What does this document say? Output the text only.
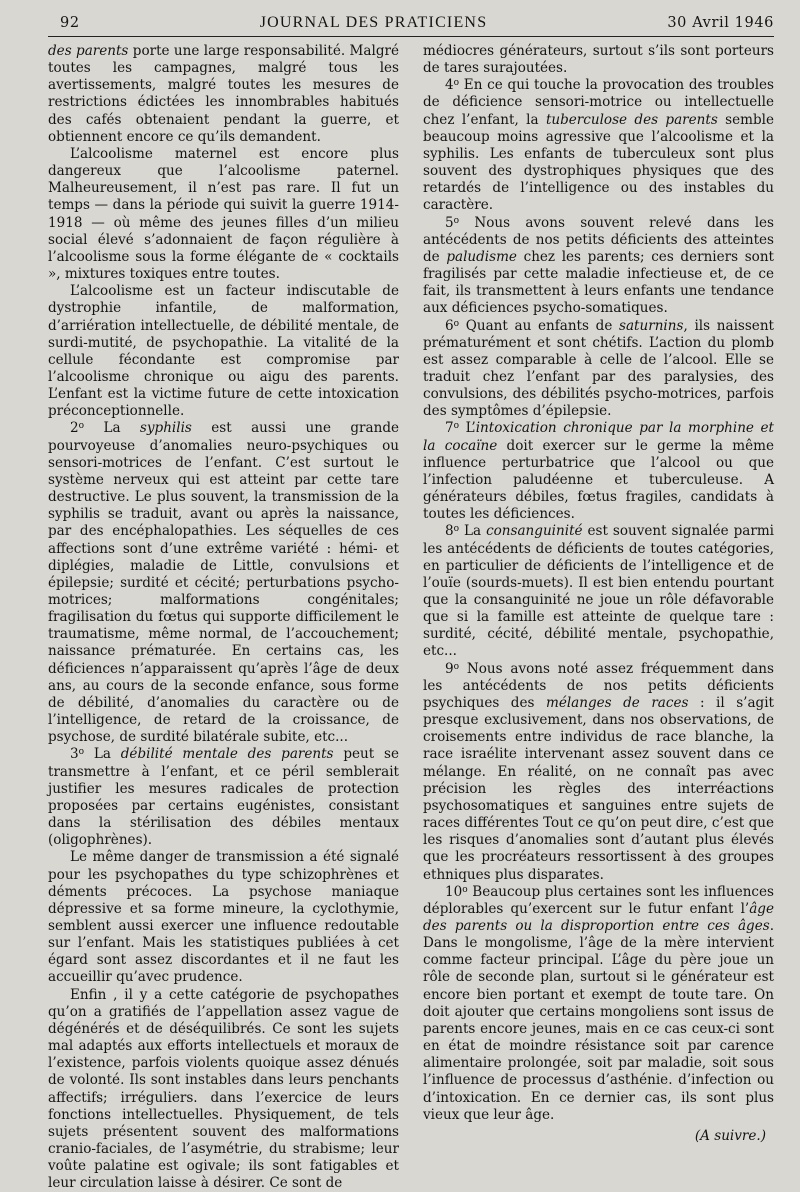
92	JOURNAL DES PRATICIENS	30 Avril 1946

des parents porte une large responsabilité. Malgré toutes les campagnes, malgré tous les avertissements, malgré toutes les mesures de restrictions édictées les innombrables habitués des cafés obtenaient pendant la guerre, et obtiennent encore ce qu’ils demandent.

L’alcoolisme maternel est encore plus dangereux que l’alcoolisme paternel. Malheureusement, il n’est pas rare. Il fut un temps — dans la période qui suivit la guerre 1914-1918 — où même des jeunes filles d’un milieu social élevé s’adonnaient de façon régulière à l’alcoolisme sous la forme élégante de « cocktails », mixtures toxiques entre toutes.

L’alcoolisme est un facteur indiscutable de dystrophie infantile, de malformation, d’arriération intellectuelle, de débilité mentale, de surdi-mutité, de psychopathie. La vitalité de la cellule fécondante est compromise par l’alcoolisme chronique ou aigu des parents. L’enfant est la victime future de cette intoxication préconceptionnelle.

2$^o$ La syphilis est aussi une grande pourvoyeuse d’anomalies neuro-psychiques ou sensori-motrices de l’enfant. C’est surtout le système nerveux qui est atteint par cette tare destructive. Le plus souvent, la transmission de la syphilis se traduit, avant ou après la naissance, par des encéphalopathies. Les séquelles de ces affections sont d’une extrême variété : hémi- et diplégies, maladie de Little, convulsions et épilepsie; surdité et cécité; perturbations psycho-motrices; malformations congénitales; fragilisation du fœtus qui supporte difficilement le traumatisme, même normal, de l’accouchement; naissance prématurée. En certains cas, les déficiences n’apparaissent qu’après l’âge de deux ans, au cours de la seconde enfance, sous forme de débilité, d’anomalies du caractère ou de l’intelligence, de retard de la croissance, de psychose, de surdité bilatérale subite, etc...

3$^o$ La débilité mentale des parents peut se transmettre à l’enfant, et ce péril semblerait justifier les mesures radicales de protection proposées par certains eugénistes, consistant dans la stérilisation des débiles mentaux (oligophrènes).

Le même danger de transmission a été signalé pour les psychopathes du type schizophrènes et déments précoces. La psychose maniaque dépressive et sa forme mineure, la cyclothymie, semblent aussi exercer une influence redoutable sur l’enfant. Mais les statistiques publiées à cet égard sont assez discordantes et il ne faut les accueillir qu’avec prudence.

Enfin , il y a cette catégorie de psychopathes qu’on a gratifiés de l’appellation assez vague de dégénérés et de déséquilibrés. Ce sont les sujets mal adaptés aux efforts intellectuels et moraux de l’existence, parfois violents quoique assez dénués de volonté. Ils sont instables dans leurs penchants affectifs; irréguliers. dans l’exercice de leurs fonctions intellectuelles. Physiquement, de tels sujets présentent souvent des malformations cranio-faciales, de l’asymétrie, du strabisme; leur voûte palatine est ogivale; ils sont fatigables et leur circulation laisse à désirer. Ce sont de

médiocres générateurs, surtout s’ils sont porteurs de tares surajoutées.

4$^o$ En ce qui touche la provocation des troubles de déficience sensori-motrice ou intellectuelle chez l’enfant, la tuberculose des parents semble beaucoup moins agressive que l’alcoolisme et la syphilis. Les enfants de tuberculeux sont plus souvent des dystrophiques physiques que des retardés de l’intelligence ou des instables du caractère.

5$^o$ Nous avons souvent relevé dans les antécédents de nos petits déficients des atteintes de paludisme chez les parents; ces derniers sont fragilisés par cette maladie infectieuse et, de ce fait, ils transmettent à leurs enfants une tendance aux déficiences psycho-somatiques.

6$^o$ Quant au enfants de saturnins, ils naissent prématurément et sont chétifs. L’action du plomb est assez comparable à celle de l’alcool. Elle se traduit chez l’enfant par des paralysies, des convulsions, des débilités psycho-motrices, parfois des symptômes d’épilepsie.

7$^o$ L’intoxication chronique par la morphine et la cocaïne doit exercer sur le germe la même influence perturbatrice que l’alcool ou que l’infection paludéenne et tuberculeuse. A générateurs débiles, fœtus fragiles, candidats à toutes les déficiences.

8$^o$ La consanguinité est souvent signalée parmi les antécédents de déficients de toutes catégories, en particulier de déficients de l’intelligence et de l’ouïe (sourds-muets). Il est bien entendu pourtant que la consanguinité ne joue un rôle défavorable que si la famille est atteinte de quelque tare : surdité, cécité, débilité mentale, psychopathie, etc...

9$^o$ Nous avons noté assez fréquemment dans les antécédents de nos petits déficients psychiques des mélanges de races : il s’agit presque exclusivement, dans nos observations, de croisements entre individus de race blanche, la race israélite intervenant assez souvent dans ce mélange. En réalité, on ne connaît pas avec précision les règles des interréactions psychosomatiques et sanguines entre sujets de races différentes Tout ce qu’on peut dire, c’est que les risques d’anomalies sont d’autant plus élevés que les procréateurs ressortissent à des groupes ethniques plus disparates.

10$^o$ Beaucoup plus certaines sont les influences déplorables qu’exercent sur le futur enfant l’âge des parents ou la disproportion entre ces âges. Dans le mongolisme, l’âge de la mère intervient comme facteur principal. L’âge du père joue un rôle de seconde plan, surtout si le générateur est encore bien portant et exempt de toute tare. On doit ajouter que certains mongoliens sont issus de parents encore jeunes, mais en ce cas ceux-ci sont en état de moindre résistance soit par carence alimentaire prolongée, soit par maladie, soit sous l’influence de processus d’asthénie. d’infection ou d’intoxication. En ce dernier cas, ils sont plus vieux que leur âge.

(A suivre.)
